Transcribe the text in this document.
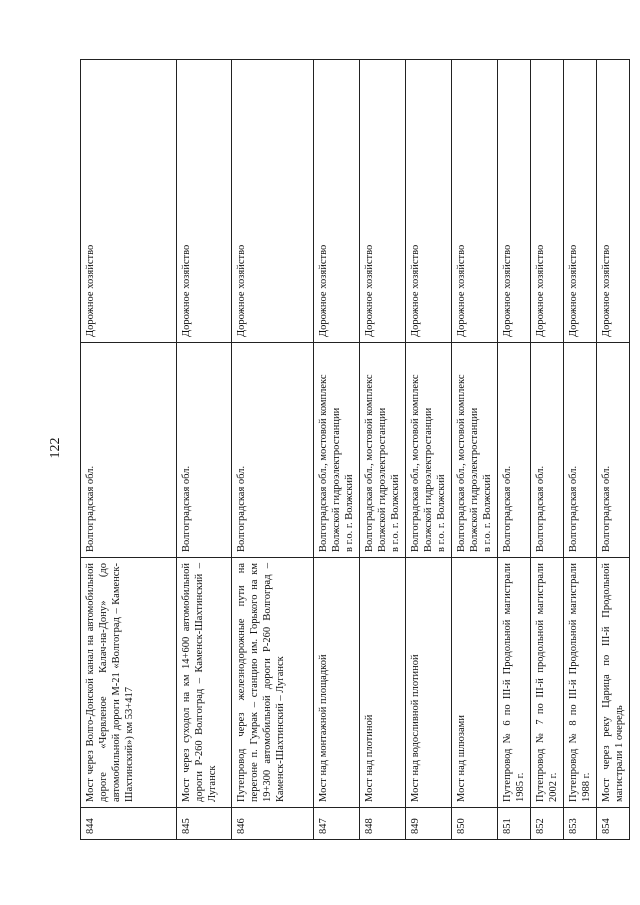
122
844	Мост через Волго-Донской канал на автомобильной дороге «Червленое Калач-на-Дону» (до автомобильной дороги М-21 «Волгоград – Каменск-Шахтинский») км 53+417	Волгоградская обл.	Дорожное хозяйство
845	Мост через суходол на км 14+600 автомобильной дороги Р-260 Волгоград – Каменск-Шахтинский – Луганск	Волгоградская обл.	Дорожное хозяйство
846	Путепровод через железнодорожные пути на перегоне п. Гумрак – станцию им. Горького на км 19+300 автомобильной дороги Р-260 Волгоград – Каменск-Шахтинский – Луганск	Волгоградская обл.	Дорожное хозяйство
847	Мост над монтажной площадкой	Волгоградская обл., мостовой комплекс Волжской гидроэлектростанции в г.о. г. Волжский	Дорожное хозяйство
848	Мост над плотиной	Волгоградская обл., мостовой комплекс Волжской гидроэлектростанции в г.о. г. Волжский	Дорожное хозяйство
849	Мост над водосливной плотиной	Волгоградская обл., мостовой комплекс Волжской гидроэлектростанции в г.о. г. Волжский	Дорожное хозяйство
850	Мост над шлюзами	Волгоградская обл., мостовой комплекс Волжской гидроэлектростанции в г.о. г. Волжский	Дорожное хозяйство
851	Путепровод № 6 по III-й Продольной магистрали 1985 г.	Волгоградская обл.	Дорожное хозяйство
852	Путепровод № 7 по III-й продольной магистрали 2002 г.	Волгоградская обл.	Дорожное хозяйство
853	Путепровод № 8 по III-й Продольной магистрали 1988 г.	Волгоградская обл.	Дорожное хозяйство
854	Мост через реку Царица по III-й Продольной магистрали 1 очередь	Волгоградская обл.	Дорожное хозяйство
